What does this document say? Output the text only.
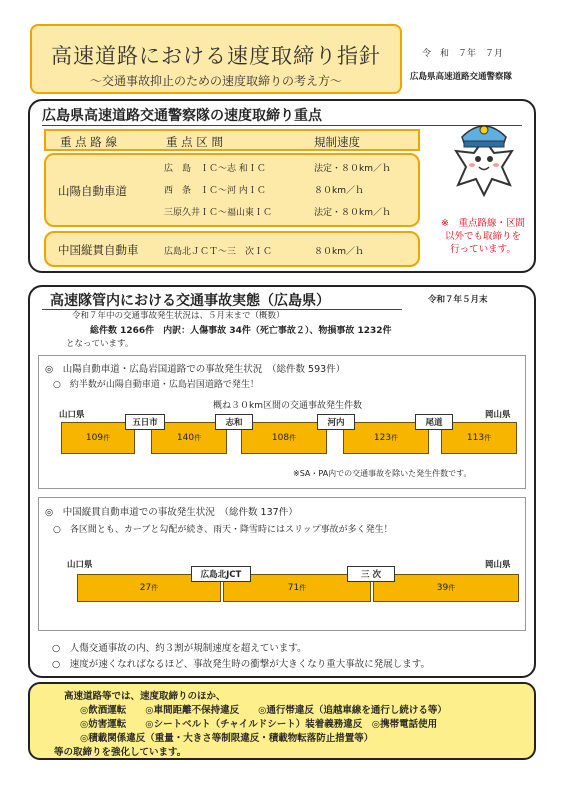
高速道路における速度取締り指針
〜交通事故抑止のための速度取締りの考え方〜
令　和　７年　７月
広島県高速道路交通警察隊
広島県高速道路交通警察隊の速度取締り重点
重 点 路 線	重 点 区 間	規制速度
山陽自動車道
広　島　ＩＣ〜志 和ＩＣ	法定・８０km／ｈ
西　条　ＩＣ〜河 内ＩＣ	８０km／ｈ
三原久井ＩＣ〜福山東ＩＣ	法定・８０km／ｈ
中国縦貫自動車	広島北ＪＣＴ〜三　次ＩＣ	８０km／ｈ
※　重点路線・区間
以外でも取締りを
行っています。
高速隊管内における交通事故実態（広島県）	令和７年５月末
令和７年中の交通事故発生状況は、５月末まで（概数）
総件数 1266件　内訳：人傷事故 34件（死亡事故２）、物損事故 1232件
となっています。
◎　山陽自動車道・広島岩国道路での事故発生状況　（総件数 593件）
○　約半数が山陽自動車道・広島岩国道路で発生！
概ね３０km区間の交通事故発生件数
山口県	岡山県
109 件	140 件	108 件	123 件	113 件
五日市	志和	河内	尾道
※SA・PA内での交通事故を除いた発生件数です。
◎　中国縦貫自動車道での事故発生状況　（総件数 137件）
○　各区間とも、カーブと勾配が続き、雨天・降雪時にはスリップ事故が多く発生！
山口県	岡山県
27 件	71 件	39 件
広島北JCT	三 次
○　人傷交通事故の内、約３割が規制速度を超えています。
○　速度が速くなればなるほど、事故発生時の衝撃が大きくなり重大事故に発展します。
高速道路等では、速度取締りのほか、
◎飲酒運転　　◎車間距離不保持違反　　◎通行帯違反（追越車線を通行し続ける等）
◎妨害運転　　◎シートベルト（チャイルドシート）装着義務違反　◎携帯電話使用
◎積載関係違反（重量・大きさ等制限違反・積載物転落防止措置等）
等の取締りを強化しています。
